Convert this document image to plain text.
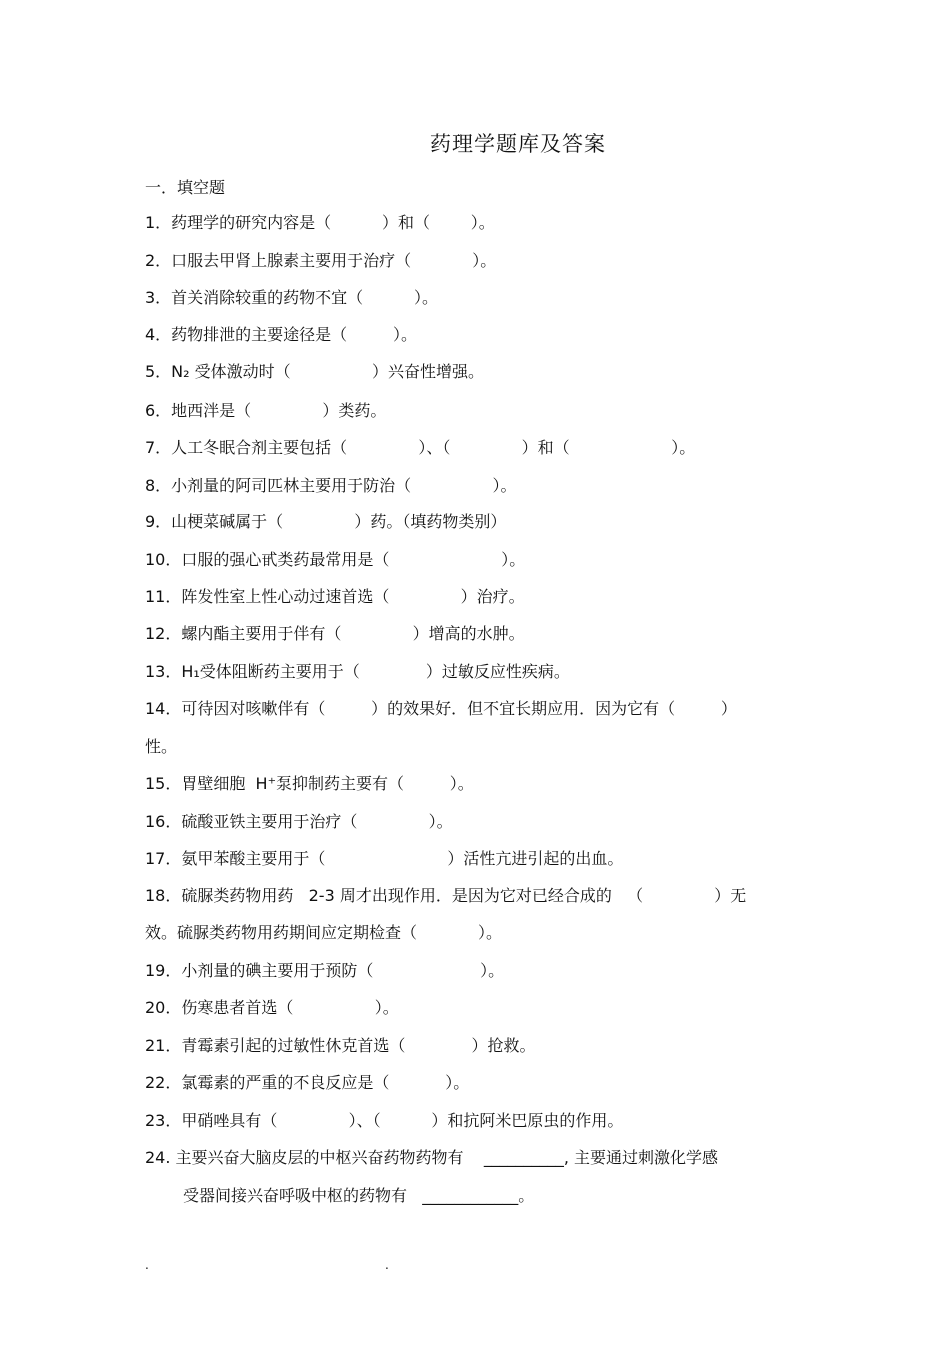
药理学题库及答案
一．填空题
1．药理学的研究内容是（          ）和（        ）。
2．口服去甲肾上腺素主要用于治疗（            ）。
3．首关消除较重的药物不宜（          ）。
4．药物排泄的主要途径是（         ）。
5．N₂ 受体激动时（                ）兴奋性增强。
6．地西泮是（              ）类药。
7．人工冬眠合剂主要包括（              ）、（              ）和（                    ）。
8．小剂量的阿司匹林主要用于防治（                ）。
9．山梗菜碱属于（              ）药。（填药物类别）
10．口服的强心甙类药最常用是（                      ）。
11．阵发性室上性心动过速首选（              ）治疗。
12．螺内酯主要用于伴有（              ）增高的水肿。
13．H₁受体阻断药主要用于（             ）过敏反应性疾病。
14．可待因对咳嗽伴有（         ）的效果好．但不宜长期应用．因为它有（         ）
性。
15．胃壁细胞  H⁺泵抑制药主要有（         ）。
16．硫酸亚铁主要用于治疗（              ）。
17．氨甲苯酸主要用于（                        ）活性亢进引起的出血。
18．硫脲类药物用药   2-3 周才出现作用．是因为它对已经合成的   （              ）无
效。硫脲类药物用药期间应定期检查（            ）。
19．小剂量的碘主要用于预防（                     ）。
20．伤寒患者首选（                ）。
21．青霉素引起的过敏性休克首选（             ）抢救。
22．氯霉素的严重的不良反应是（           ）。
23．甲硝唑具有（              ）、（          ）和抗阿米巴原虫的作用。
24. 主要兴奋大脑皮层的中枢兴奋药物药物有    __________, 主要通过刺激化学感
受器间接兴奋呼吸中枢的药物有   ____________。
.	.
